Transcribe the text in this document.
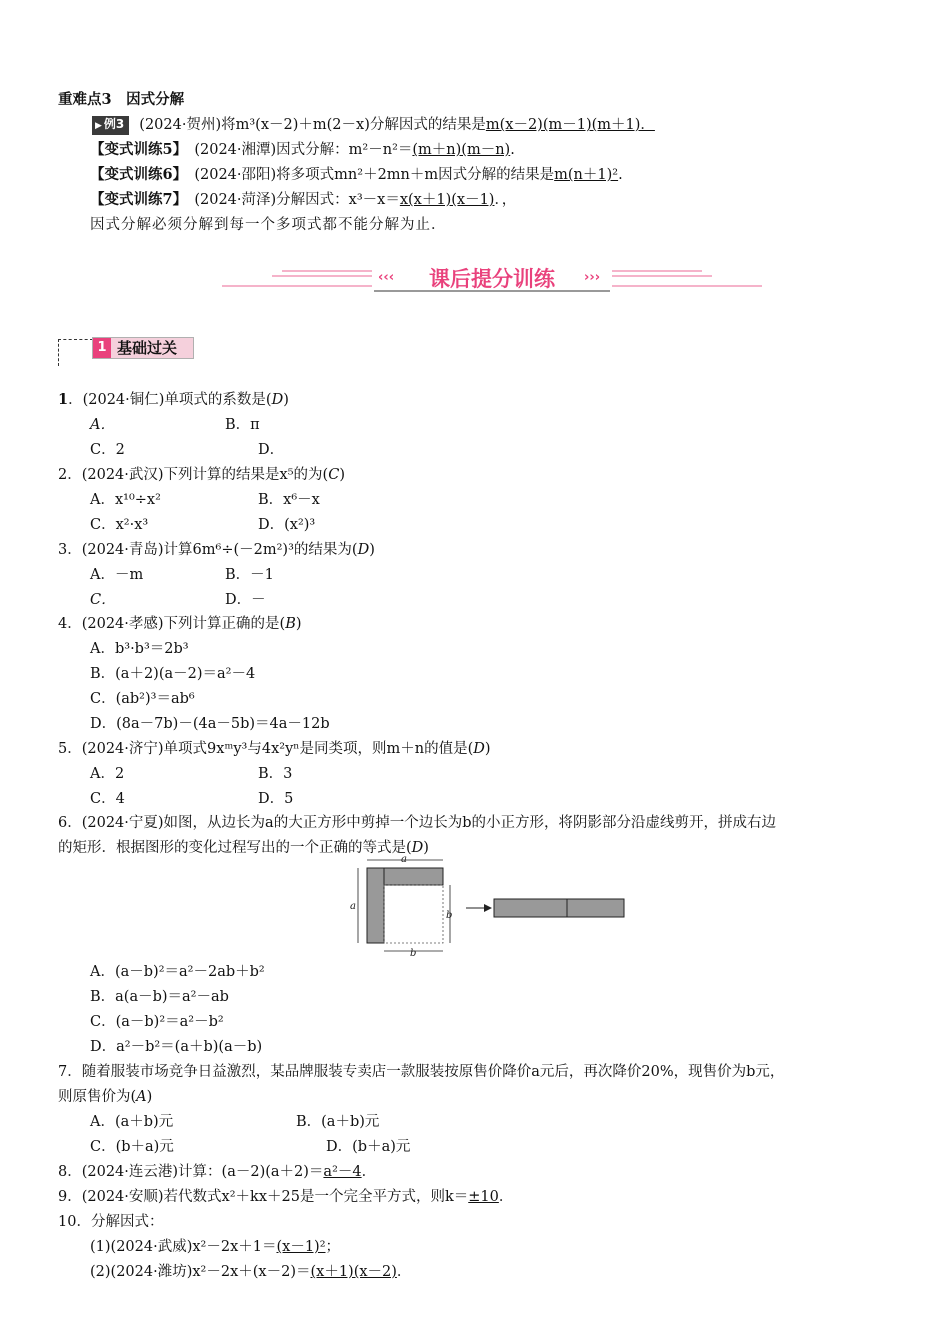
重难点3　因式分解
▶ 例3 (2024·贺州)将m³(x－2)＋m(2－x)分解因式的结果是m(x－2)(m－1)(m＋1)．
【变式训练5】　 (2024·湘潭)因式分解：m²－n²＝(m＋n)(m－n).
【变式训练6】　 (2024·邵阳)将多项式mn²＋2mn＋m因式分解的结果是m(n＋1)².
【变式训练7】　 (2024·菏泽)分解因式：x³－x＝x(x＋1)(x－1)．，
因式分解必须分解到每一个多项式都不能分解为止．
‹‹‹	›››
课后提分训练
1 基础过关
1．(2024·铜仁)单项式的系数是(D)
A．	B．π
C．2	D．
2．(2024·武汉)下列计算的结果是x⁵的为(C)
A．x¹⁰÷x²	B．x⁶－x
C．x²·x³	D．(x²)³
3．(2024·青岛)计算6m⁶÷(－2m²)³的结果为(D)
A．－m	B．－1
C．	D．－
4．(2024·孝感)下列计算正确的是(B)
A．b³·b³＝2b³
B．(a＋2)(a－2)＝a²－4
C．(ab²)³＝ab⁶
D．(8a－7b)－(4a－5b)＝4a－12b
5．(2024·济宁)单项式9xᵐy³与4x²yⁿ是同类项，则m＋n的值是(D)
A．2	B．3
C．4	D．5
6．(2024·宁夏)如图，从边长为a的大正方形中剪掉一个边长为b的小正方形，将阴影部分沿虚线剪开，拼成右边
的矩形．根据图形的变化过程写出的一个正确的等式是(D)
a
a
b
b
A．(a－b)²＝a²－2ab＋b²
B．a(a－b)＝a²－ab
C．(a－b)²＝a²－b²
D．a²－b²＝(a＋b)(a－b)
7．随着服装市场竞争日益激烈，某品牌服装专卖店一款服装按原售价降价a元后，再次降价20%，现售价为b元，
则原售价为(A)
A．(a＋b)元	B．(a＋b)元
C．(b＋a)元	D．(b＋a)元
8．(2024·连云港)计算：(a－2)(a＋2)＝a²－4．
9．(2024·安顺)若代数式x²＋kx＋25是一个完全平方式，则k＝±10．
10．分解因式：
(1)(2024·武威)x²－2x＋1＝(x－1)²；
(2)(2024·潍坊)x²－2x＋(x－2)＝(x＋1)(x－2)．
